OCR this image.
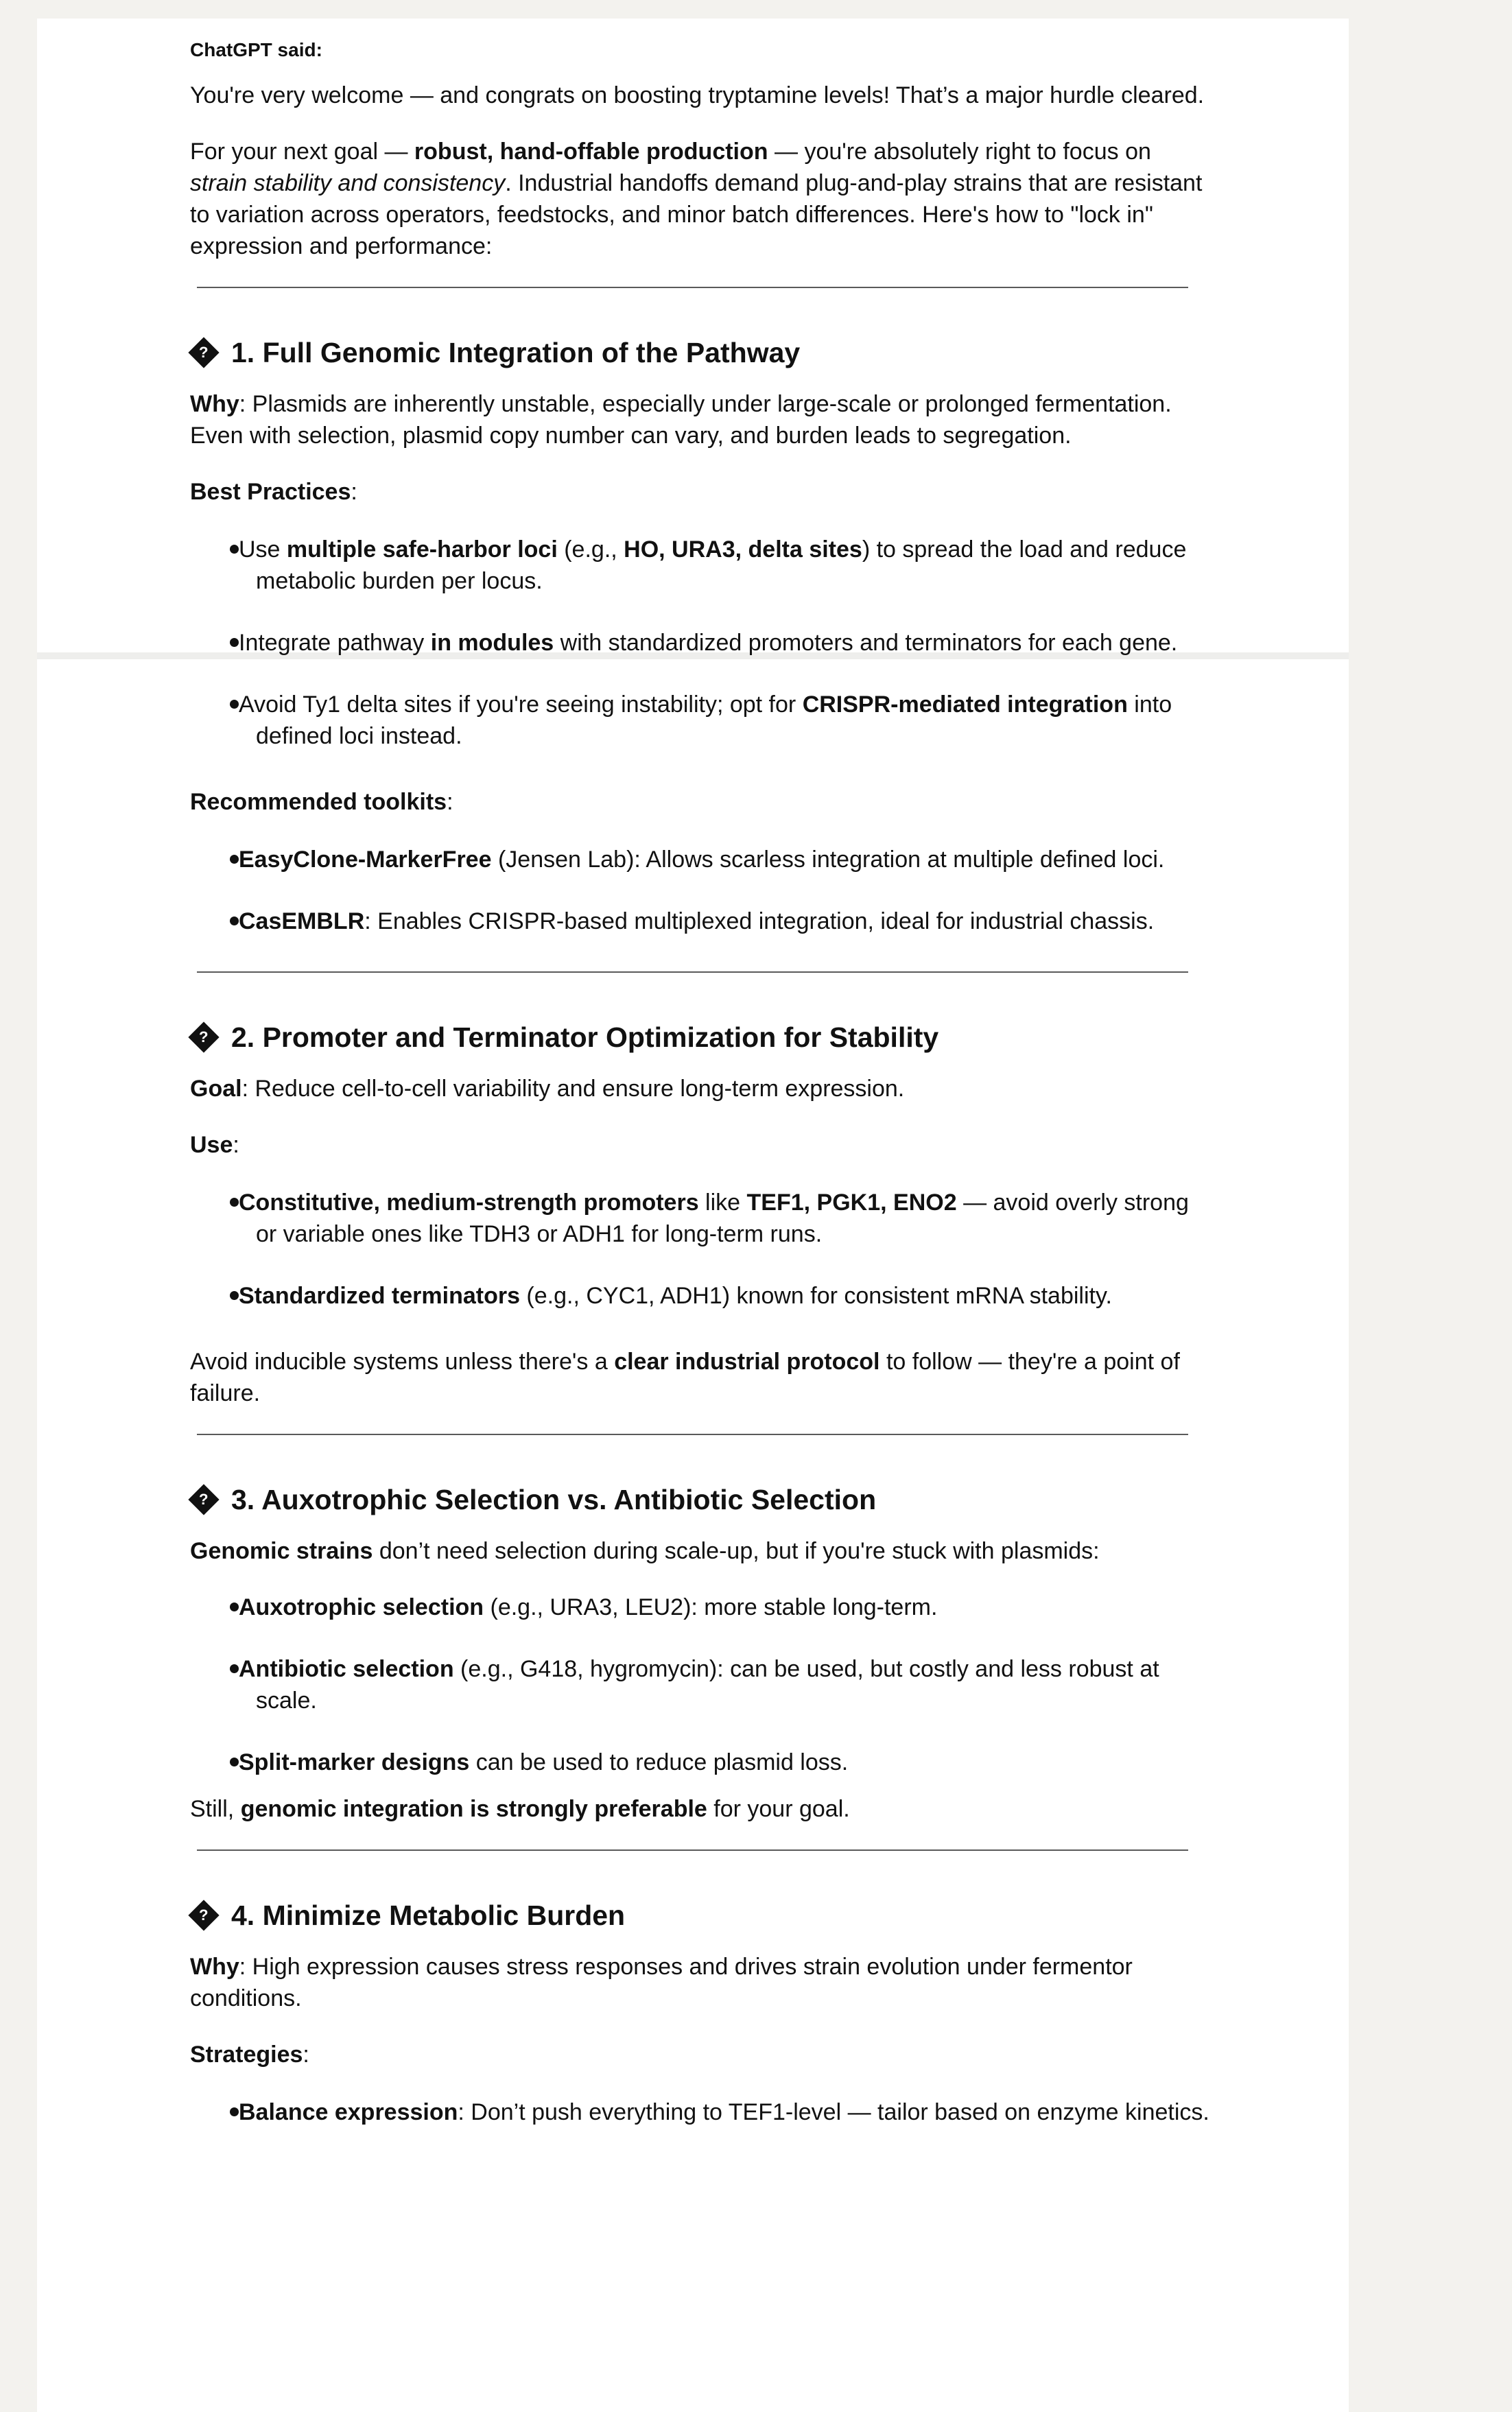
ChatGPT said:

You're very welcome — and congrats on boosting tryptamine levels! That’s a major hurdle cleared.

For your next goal — robust, hand-offable production — you're absolutely right to focus on strain stability and consistency. Industrial handoffs demand plug-and-play strains that are resistant to variation across operators, feedstocks, and minor batch differences. Here's how to "lock in" expression and performance:

? 1. Full Genomic Integration of the Pathway

Why: Plasmids are inherently unstable, especially under large-scale or prolonged fermentation. Even with selection, plasmid copy number can vary, and burden leads to segregation.

Best Practices:

Use multiple safe-harbor loci (e.g., HO, URA3, delta sites) to spread the load and reduce metabolic burden per locus.
Integrate pathway in modules with standardized promoters and terminators for each gene.
Avoid Ty1 delta sites if you're seeing instability; opt for CRISPR-mediated integration into defined loci instead.

Recommended toolkits:

EasyClone-MarkerFree (Jensen Lab): Allows scarless integration at multiple defined loci.
CasEMBLR: Enables CRISPR-based multiplexed integration, ideal for industrial chassis.
? 2. Promoter and Terminator Optimization for Stability

Goal: Reduce cell-to-cell variability and ensure long-term expression.

Use:

Constitutive, medium-strength promoters like TEF1, PGK1, ENO2 — avoid overly strong or variable ones like TDH3 or ADH1 for long-term runs.
Standardized terminators (e.g., CYC1, ADH1) known for consistent mRNA stability.

Avoid inducible systems unless there's a clear industrial protocol to follow — they're a point of failure.

? 3. Auxotrophic Selection vs. Antibiotic Selection

Genomic strains don’t need selection during scale-up, but if you're stuck with plasmids:

Auxotrophic selection (e.g., URA3, LEU2): more stable long-term.
Antibiotic selection (e.g., G418, hygromycin): can be used, but costly and less robust at scale.
Split-marker designs can be used to reduce plasmid loss.

Still, genomic integration is strongly preferable for your goal.

? 4. Minimize Metabolic Burden

Why: High expression causes stress responses and drives strain evolution under fermentor conditions.

Strategies:

Balance expression: Don’t push everything to TEF1-level — tailor based on enzyme kinetics.
